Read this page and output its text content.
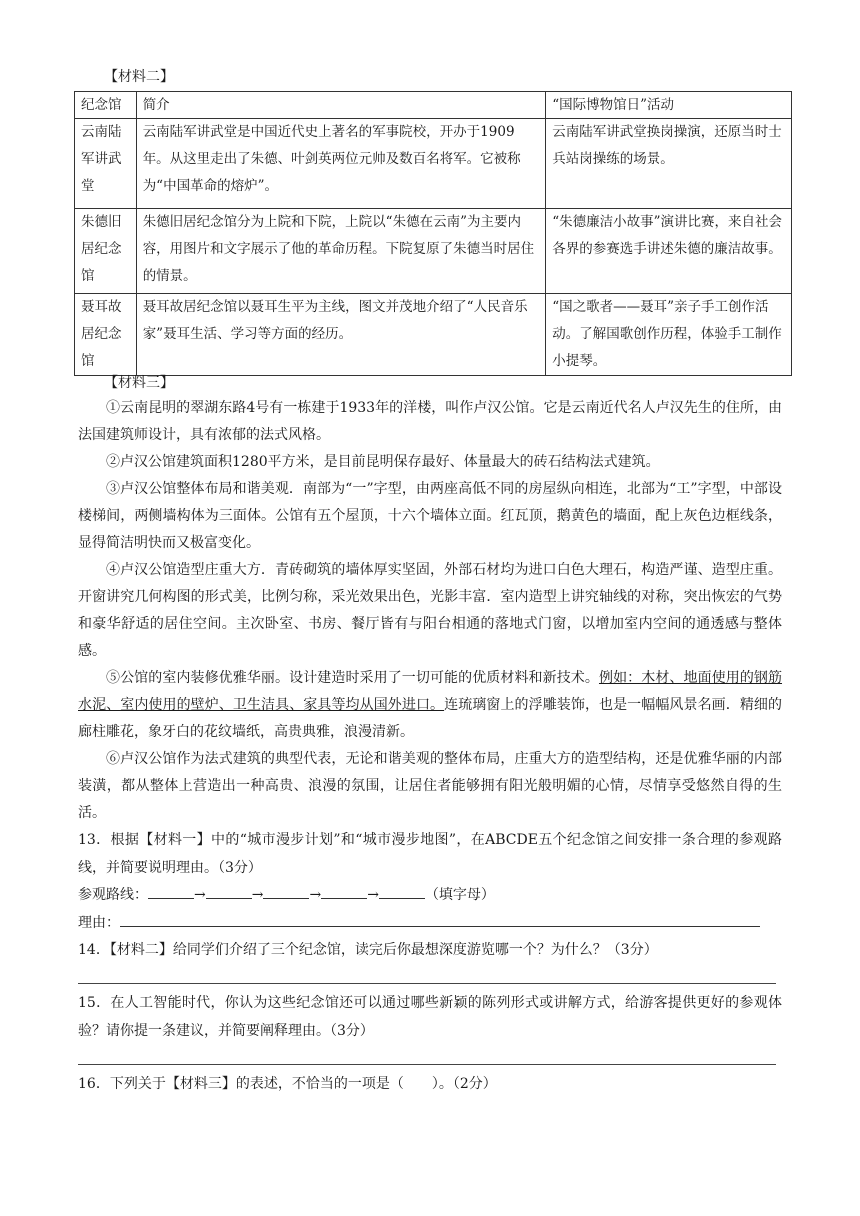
【材料二】
纪念馆	简介	“国际博物馆日”活动
云南陆军讲武堂	云南陆军讲武堂是中国近代史上著名的军事院校，开办于1909年。从这里走出了朱德、叶剑英两位元帅及数百名将军。它被称为“中国革命的熔炉”。	云南陆军讲武堂换岗操演，还原当时士兵站岗操练的场景。
朱德旧居纪念馆	朱德旧居纪念馆分为上院和下院，上院以“朱德在云南”为主要内容，用图片和文字展示了他的革命历程。下院复原了朱德当时居住的情景。	“朱德廉洁小故事”演讲比赛，来自社会各界的参赛选手讲述朱德的廉洁故事。
聂耳故居纪念馆	聂耳故居纪念馆以聂耳生平为主线，图文并茂地介绍了“人民音乐家”聂耳生活、学习等方面的经历。	“国之歌者——聂耳”亲子手工创作活动。了解国歌创作历程，体验手工制作小提琴。
【材料三】
①云南昆明的翠湖东路4号有一栋建于1933年的洋楼，叫作卢汉公馆。它是云南近代名人卢汉先生的住所，由法国建筑师设计，具有浓郁的法式风格。
②卢汉公馆建筑面积1280平方米，是目前昆明保存最好、体量最大的砖石结构法式建筑。
③卢汉公馆整体布局和谐美观．南部为“一”字型，由两座高低不同的房屋纵向相连，北部为“工”字型，中部设楼梯间，两侧墙构体为三面体。公馆有五个屋顶，十六个墙体立面。红瓦顶，鹅黄色的墙面，配上灰色边框线条，显得简洁明快而又极富变化。
④卢汉公馆造型庄重大方．青砖砌筑的墙体厚实坚固，外部石材均为进口白色大理石，构造严谨、造型庄重。开窗讲究几何构图的形式美，比例匀称，采光效果出色，光影丰富．室内造型上讲究轴线的对称，突出恢宏的气势和豪华舒适的居住空间。主次卧室、书房、餐厅皆有与阳台相通的落地式门窗，以增加室内空间的通透感与整体感。
⑤公馆的室内装修优雅华丽。设计建造时采用了一切可能的优质材料和新技术。例如：木材、地面使用的钢筋水泥、室内使用的壁炉、卫生洁具、家具等均从国外进口。连琉璃窗上的浮雕装饰，也是一幅幅风景名画．精细的廊柱雕花，象牙白的花纹墙纸，高贵典雅，浪漫清新。
⑥卢汉公馆作为法式建筑的典型代表，无论和谐美观的整体布局，庄重大方的造型结构，还是优雅华丽的内部装潢，都从整体上营造出一种高贵、浪漫的氛围，让居住者能够拥有阳光般明媚的心情，尽情享受悠然自得的生活。
13．根据【材料一】中的“城市漫步计划”和“城市漫步地图”，在ABCDE五个纪念馆之间安排一条合理的参观路线，并简要说明理由。（3分）
参观路线：	→	→	→	→	（填字母）
理由：
14．【材料二】给同学们介绍了三个纪念馆，读完后你最想深度游览哪一个？为什么？（3分）
15．在人工智能时代，你认为这些纪念馆还可以通过哪些新颖的陈列形式或讲解方式，给游客提供更好的参观体验？请你提一条建议，并简要阐释理由。（3分）
16．下列关于【材料三】的表述，不恰当的一项是（　　）。（2分）
